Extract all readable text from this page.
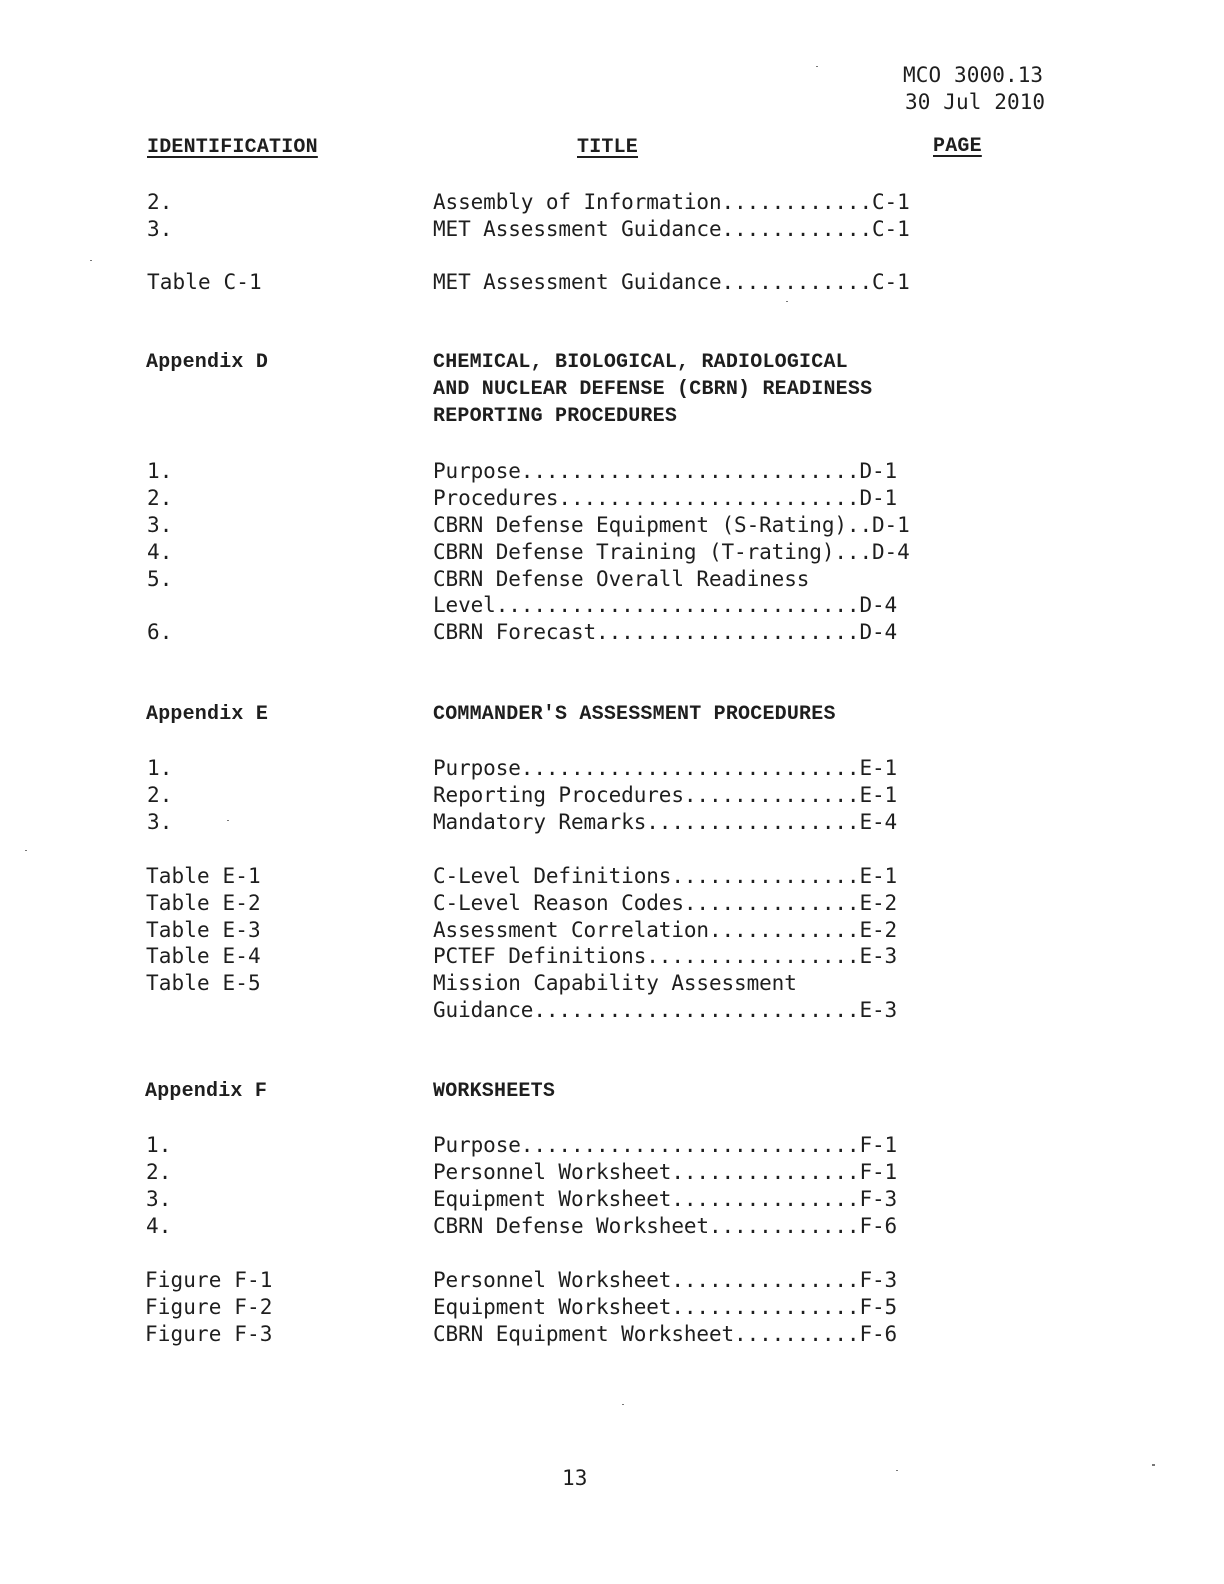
MCO 3000.13
30 Jul 2010
IDENTIFICATION	TITLE	PAGE
2.	Assembly of Information............C-1
3.	MET Assessment Guidance............C-1
Table C-1	MET Assessment Guidance............C-1
Appendix D	CHEMICAL, BIOLOGICAL, RADIOLOGICAL
AND NUCLEAR DEFENSE (CBRN) READINESS
REPORTING PROCEDURES
1.	Purpose...........................D-1
2.	Procedures........................D-1
3.	CBRN Defense Equipment (S-Rating)..D-1
4.	CBRN Defense Training (T-rating)...D-4
5.	CBRN Defense Overall Readiness
Level.............................D-4
6.	CBRN Forecast.....................D-4
Appendix E	COMMANDER'S ASSESSMENT PROCEDURES
1.	Purpose...........................E-1
2.	Reporting Procedures..............E-1
3.	Mandatory Remarks.................E-4
Table E-1	C-Level Definitions...............E-1
Table E-2	C-Level Reason Codes..............E-2
Table E-3	Assessment Correlation............E-2
Table E-4	PCTEF Definitions.................E-3
Table E-5	Mission Capability Assessment
Guidance..........................E-3
Appendix F	WORKSHEETS
1.	Purpose...........................F-1
2.	Personnel Worksheet...............F-1
3.	Equipment Worksheet...............F-3
4.	CBRN Defense Worksheet............F-6
Figure F-1	Personnel Worksheet...............F-3
Figure F-2	Equipment Worksheet...............F-5
Figure F-3	CBRN Equipment Worksheet..........F-6
13
